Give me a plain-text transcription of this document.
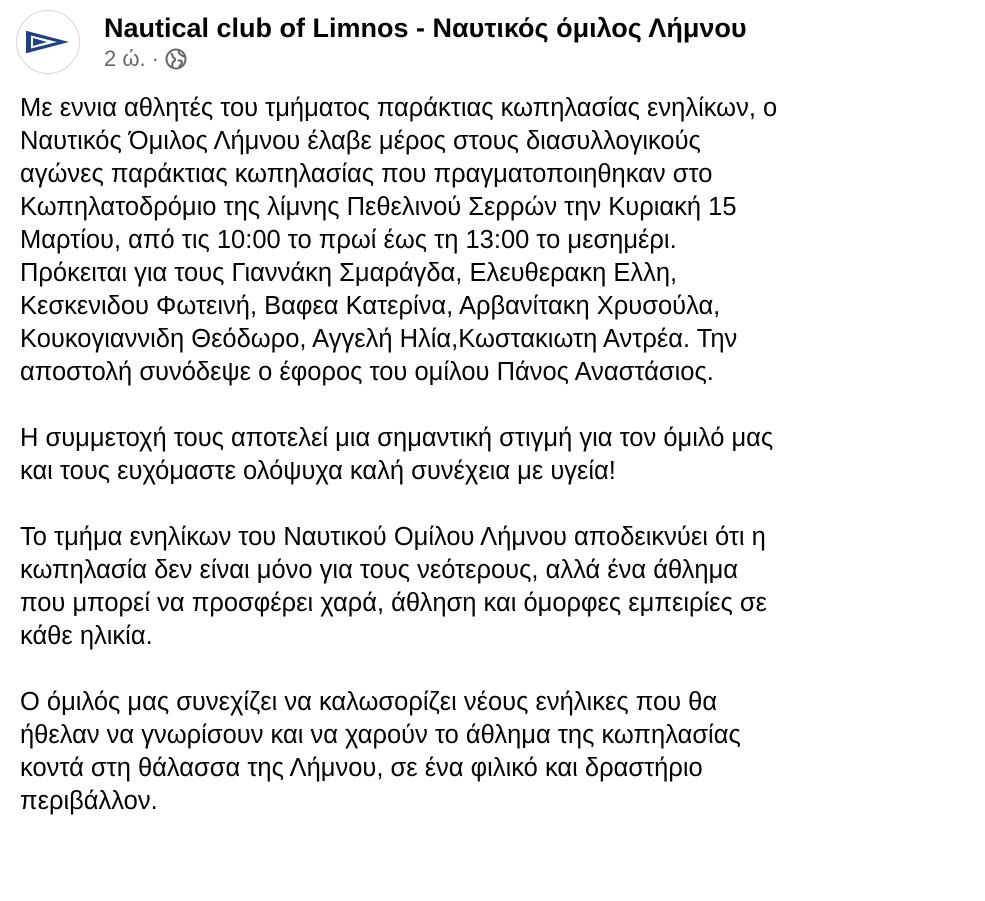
Nautical club of Limnos - Ναυτικός όμιλος Λήμνου
2 ώ. ·

Με εννια αθλητές του τμήματος παράκτιας κωπηλασίας ενηλίκων, ο
Ναυτικός Όμιλος Λήμνου έλαβε μέρος στους διασυλλογικούς
αγώνες παράκτιας κωπηλασίας που πραγματοποιηθηκαν στο
Κωπηλατοδρόμιο της λίμνης Πεθελινού Σερρών την Κυριακή 15
Μαρτίου, από τις 10:00 το πρωί έως τη 13:00 το μεσημέρι.
Πρόκειται για τους Γιαννάκη Σμαράγδα, Ελευθερακη Ελλη,
Κεσκενιδου Φωτεινή, Βαφεα Κατερίνα, Αρβανίτακη Χρυσούλα,
Κουκογιαννιδη Θεόδωρο, Αγγελή Ηλία,Κωστακιωτη Αντρέα. Την
αποστολή συνόδεψε ο έφορος του ομίλου Πάνος Αναστάσιος.

Η συμμετοχή τους αποτελεί μια σημαντική στιγμή για τον όμιλό μας
και τους ευχόμαστε ολόψυχα καλή συνέχεια με υγεία!

Το τμήμα ενηλίκων του Ναυτικού Ομίλου Λήμνου αποδεικνύει ότι η
κωπηλασία δεν είναι μόνο για τους νεότερους, αλλά ένα άθλημα
που μπορεί να προσφέρει χαρά, άθληση και όμορφες εμπειρίες σε
κάθε ηλικία.

Ο όμιλός μας συνεχίζει να καλωσορίζει νέους ενήλικες που θα
ήθελαν να γνωρίσουν και να χαρούν το άθλημα της κωπηλασίας
κοντά στη θάλασσα της Λήμνου, σε ένα φιλικό και δραστήριο
περιβάλλον.
